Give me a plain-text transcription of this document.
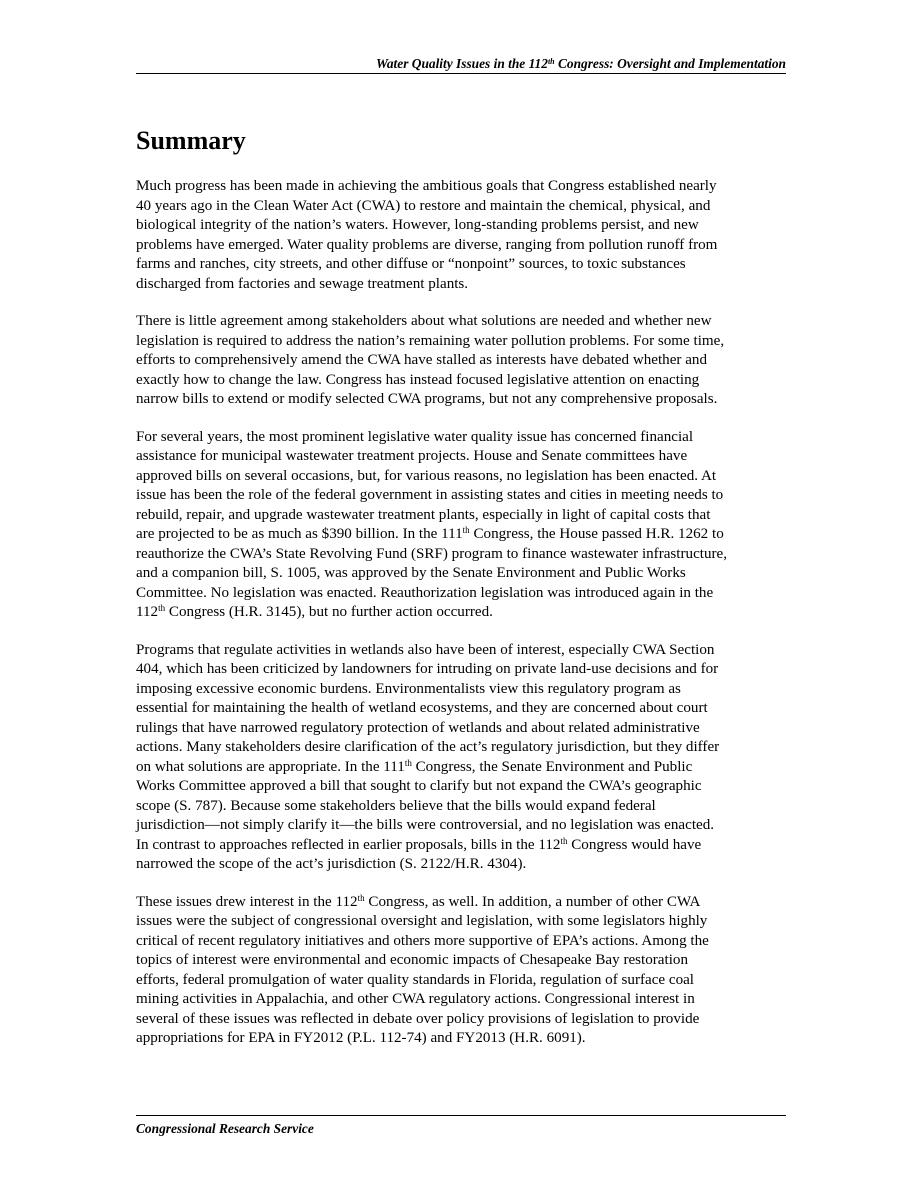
Water Quality Issues in the 112th Congress: Oversight and Implementation
Summary

Much progress has been made in achieving the ambitious goals that Congress established nearly
40 years ago in the Clean Water Act (CWA) to restore and maintain the chemical, physical, and
biological integrity of the nation’s waters. However, long-standing problems persist, and new
problems have emerged. Water quality problems are diverse, ranging from pollution runoff from
farms and ranches, city streets, and other diffuse or “nonpoint” sources, to toxic substances
discharged from factories and sewage treatment plants.

There is little agreement among stakeholders about what solutions are needed and whether new
legislation is required to address the nation’s remaining water pollution problems. For some time,
efforts to comprehensively amend the CWA have stalled as interests have debated whether and
exactly how to change the law. Congress has instead focused legislative attention on enacting
narrow bills to extend or modify selected CWA programs, but not any comprehensive proposals.

For several years, the most prominent legislative water quality issue has concerned financial
assistance for municipal wastewater treatment projects. House and Senate committees have
approved bills on several occasions, but, for various reasons, no legislation has been enacted. At
issue has been the role of the federal government in assisting states and cities in meeting needs to
rebuild, repair, and upgrade wastewater treatment plants, especially in light of capital costs that
are projected to be as much as $390 billion. In the 111th Congress, the House passed H.R. 1262 to
reauthorize the CWA’s State Revolving Fund (SRF) program to finance wastewater infrastructure,
and a companion bill, S. 1005, was approved by the Senate Environment and Public Works
Committee. No legislation was enacted. Reauthorization legislation was introduced again in the
112th Congress (H.R. 3145), but no further action occurred.

Programs that regulate activities in wetlands also have been of interest, especially CWA Section
404, which has been criticized by landowners for intruding on private land-use decisions and for
imposing excessive economic burdens. Environmentalists view this regulatory program as
essential for maintaining the health of wetland ecosystems, and they are concerned about court
rulings that have narrowed regulatory protection of wetlands and about related administrative
actions. Many stakeholders desire clarification of the act’s regulatory jurisdiction, but they differ
on what solutions are appropriate. In the 111th Congress, the Senate Environment and Public
Works Committee approved a bill that sought to clarify but not expand the CWA’s geographic
scope (S. 787). Because some stakeholders believe that the bills would expand federal
jurisdiction—not simply clarify it—the bills were controversial, and no legislation was enacted.
In contrast to approaches reflected in earlier proposals, bills in the 112th Congress would have
narrowed the scope of the act’s jurisdiction (S. 2122/H.R. 4304).

These issues drew interest in the 112th Congress, as well. In addition, a number of other CWA
issues were the subject of congressional oversight and legislation, with some legislators highly
critical of recent regulatory initiatives and others more supportive of EPA’s actions. Among the
topics of interest were environmental and economic impacts of Chesapeake Bay restoration
efforts, federal promulgation of water quality standards in Florida, regulation of surface coal
mining activities in Appalachia, and other CWA regulatory actions. Congressional interest in
several of these issues was reflected in debate over policy provisions of legislation to provide
appropriations for EPA in FY2012 (P.L. 112-74) and FY2013 (H.R. 6091).

Congressional Research Service
